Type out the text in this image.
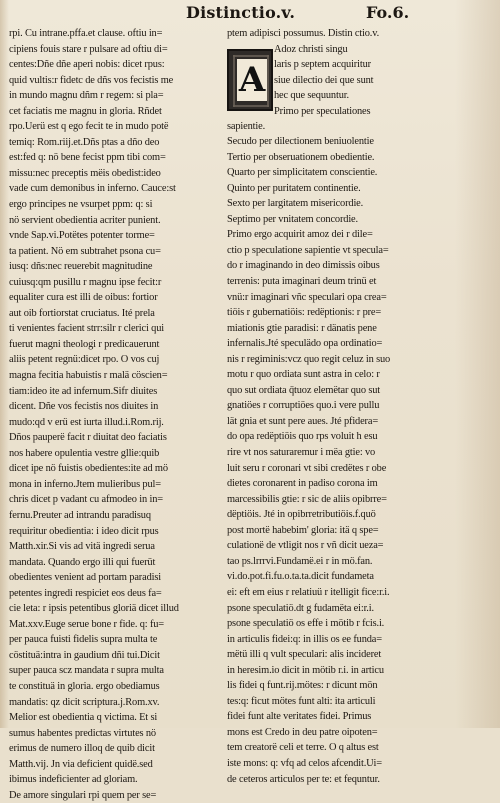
Distinctio.v.	Fo.6.
rpi. Cu intrane.pffa.et clause. oftiu in=
cipiens fouis stare r pulsare ad oftiu di=
centes:Dñe dñe aperi nobis: dicet rpus:
quid vultis:r fidetc de dñs vos fecistis me
in mundo magnu dñm r regem: si pla=
cet faciatis me magnu in gloria. Rñdet
rpo.Uerü est q ego fecit te in mudo potë
temiq: Rom.riij.et.Dñs ptas a dño deo
est:fed q: nö bene fecist ppm tibi com=
missu:nec preceptis mëis obedist:ideo
vade cum demonibus in inferno. Cauce:st
ergo principes ne vsurpet ppm: q: si
nö servient obedientia acriter punient.
vnde Sap.vi.Potëtes potenter torme=
ta patient. Nö em subtrahet psona cu=
iusq: dñs:nec reuerebit magnitudine
cuiusq:qm pusillu r magnu ipse fecit:r
equaliter cura est illi de oibus: fortior
aut oib fortiorstat cruciatus. Ité prela
ti venientes facient strr:silr r clerici qui
fuerut magni theologi r predicauerunt
aliis petent regnü:dicet rpo. O vos cuj
magna fecitia habuistis r malä cöscien=
tiam:ideo ite ad infernum.Sifr diuites
dicent. Dñe vos fecistis nos diuites in
mudo:qd v erü est iurta illud.i.Rom.rij.
Dños pauperë facit r diuitat deo faciatis
nos habere opulentia vestre gllie:quib
dicet ipe nö fuistis obedientes:ite ad mö
mona in inferno.Jtem mulieribus pul=
chris dicet p vadant cu afmodeo in in=
fernu.Preuter ad intrandu paradisuq
requiritur obedientia: i ideo dicit rpus
Matth.xir.Si vis ad vitä ingredi serua
mandata. Quando ergo illi qui fuerüt
obedientes venient ad portam paradisi
petentes ingredi respiciet eos deus fa=
cie leta: r ipsis petentibus gloriä dicet illud
Mat.xxv.Euge serue bone r fide. q: fu=
per pauca fuisti fidelis supra multa te
cöstituä:intra in gaudium dñi tui.Dicit
super pauca scz mandata r supra multa
te constituä in gloria. ergo obediamus
mandatis: qz dicit scriptura.j.Rom.xv.
Melior est obedientia q victima. Et si
sumus habentes predictas virtutes nö
erimus de numero illoq de quib dicit
Matth.vij. Jn via deficient quidë.sed
ibimus indeficienter ad gloriam.
De amore singulari rpi quem per se=
ptem adipisci possumus. Distin ctio.v.
A
Adoz christi singu
laris p septem acquiritur
siue dilectio dei que sunt
hec que sequuntur.
Primo per speculationes
sapientie.
Secudo per dilectionem beniuolentie
Tertio per obseruationem obedientie.
Quarto per simplicitatem conscientie.
Quinto per puritatem continentie.
Sexto per largitatem misericordie.
Septimo per vnitatem concordie.
Primo ergo acquirit amoz dei r dile=
ctio p speculatione sapientie vt specula=
do r imaginando in deo dimissis oibus
terrenis: puta imaginari deum trinü et
vnü:r imaginari vñc speculari opa crea=
tiöis r gubernatiöis: redëptionis: r pre=
miationis gtie paradisi: r dänatis pene
infernalis.Jté speculädo opa ordinatio=
nis r regiminis:vcz quo regit celuz in suo
motu r quo ordiata sunt astra in celo: r
quo sut ordiata q̄tuoz elemëtar quo sut
gnatiöes r corruptiöes quo.i vere pullu
lät gnia et sunt pere aues. Jté pfidera=
do opa redëptiöis quo rps voluit h esu
rire vt nos saturaremur i mëa gtie: vo
luit seru r coronari vt sibi credëtes r obe
dietes coronarent in padiso corona im
marcessibilis gtie: r sic de aliis opibrre=
dëptiöis. Jté in opibrretributiöis.f.quö
post mortë habebim' gloria: itä q spe=
culationë de vtligit nos r vñ dicit ueza=
tao ps.lrrrvi.Fundamë.ei r in mö.fan.
vi.do.pot.fi.fu.o.ta.ta.dicit fundameta
ei: eft em eius r relatiuü r itelligit fice:r.i.
psone speculatiö.dt g fudamëta ei:r.i.
psone speculatiö os effe i mötib r fcis.i.
in articulis fidei:q: in illis os ee funda=
mëtü illi q vult speculari: alis incideret
in heresim.io dicit in mötib r.i. in articu
lis fidei q funt.rij.mötes: r dicunt mön
tes:q: ficut mötes funt alti: ita articuli
fidei funt alte veritates fidei. Primus
mons est Credo in deu patre oipoten=
tem creatorë celi et terre. O q altus est
iste mons: q: vfq ad celos afcendit.Ui=
de ceteros articulos per te: et fequntur.
